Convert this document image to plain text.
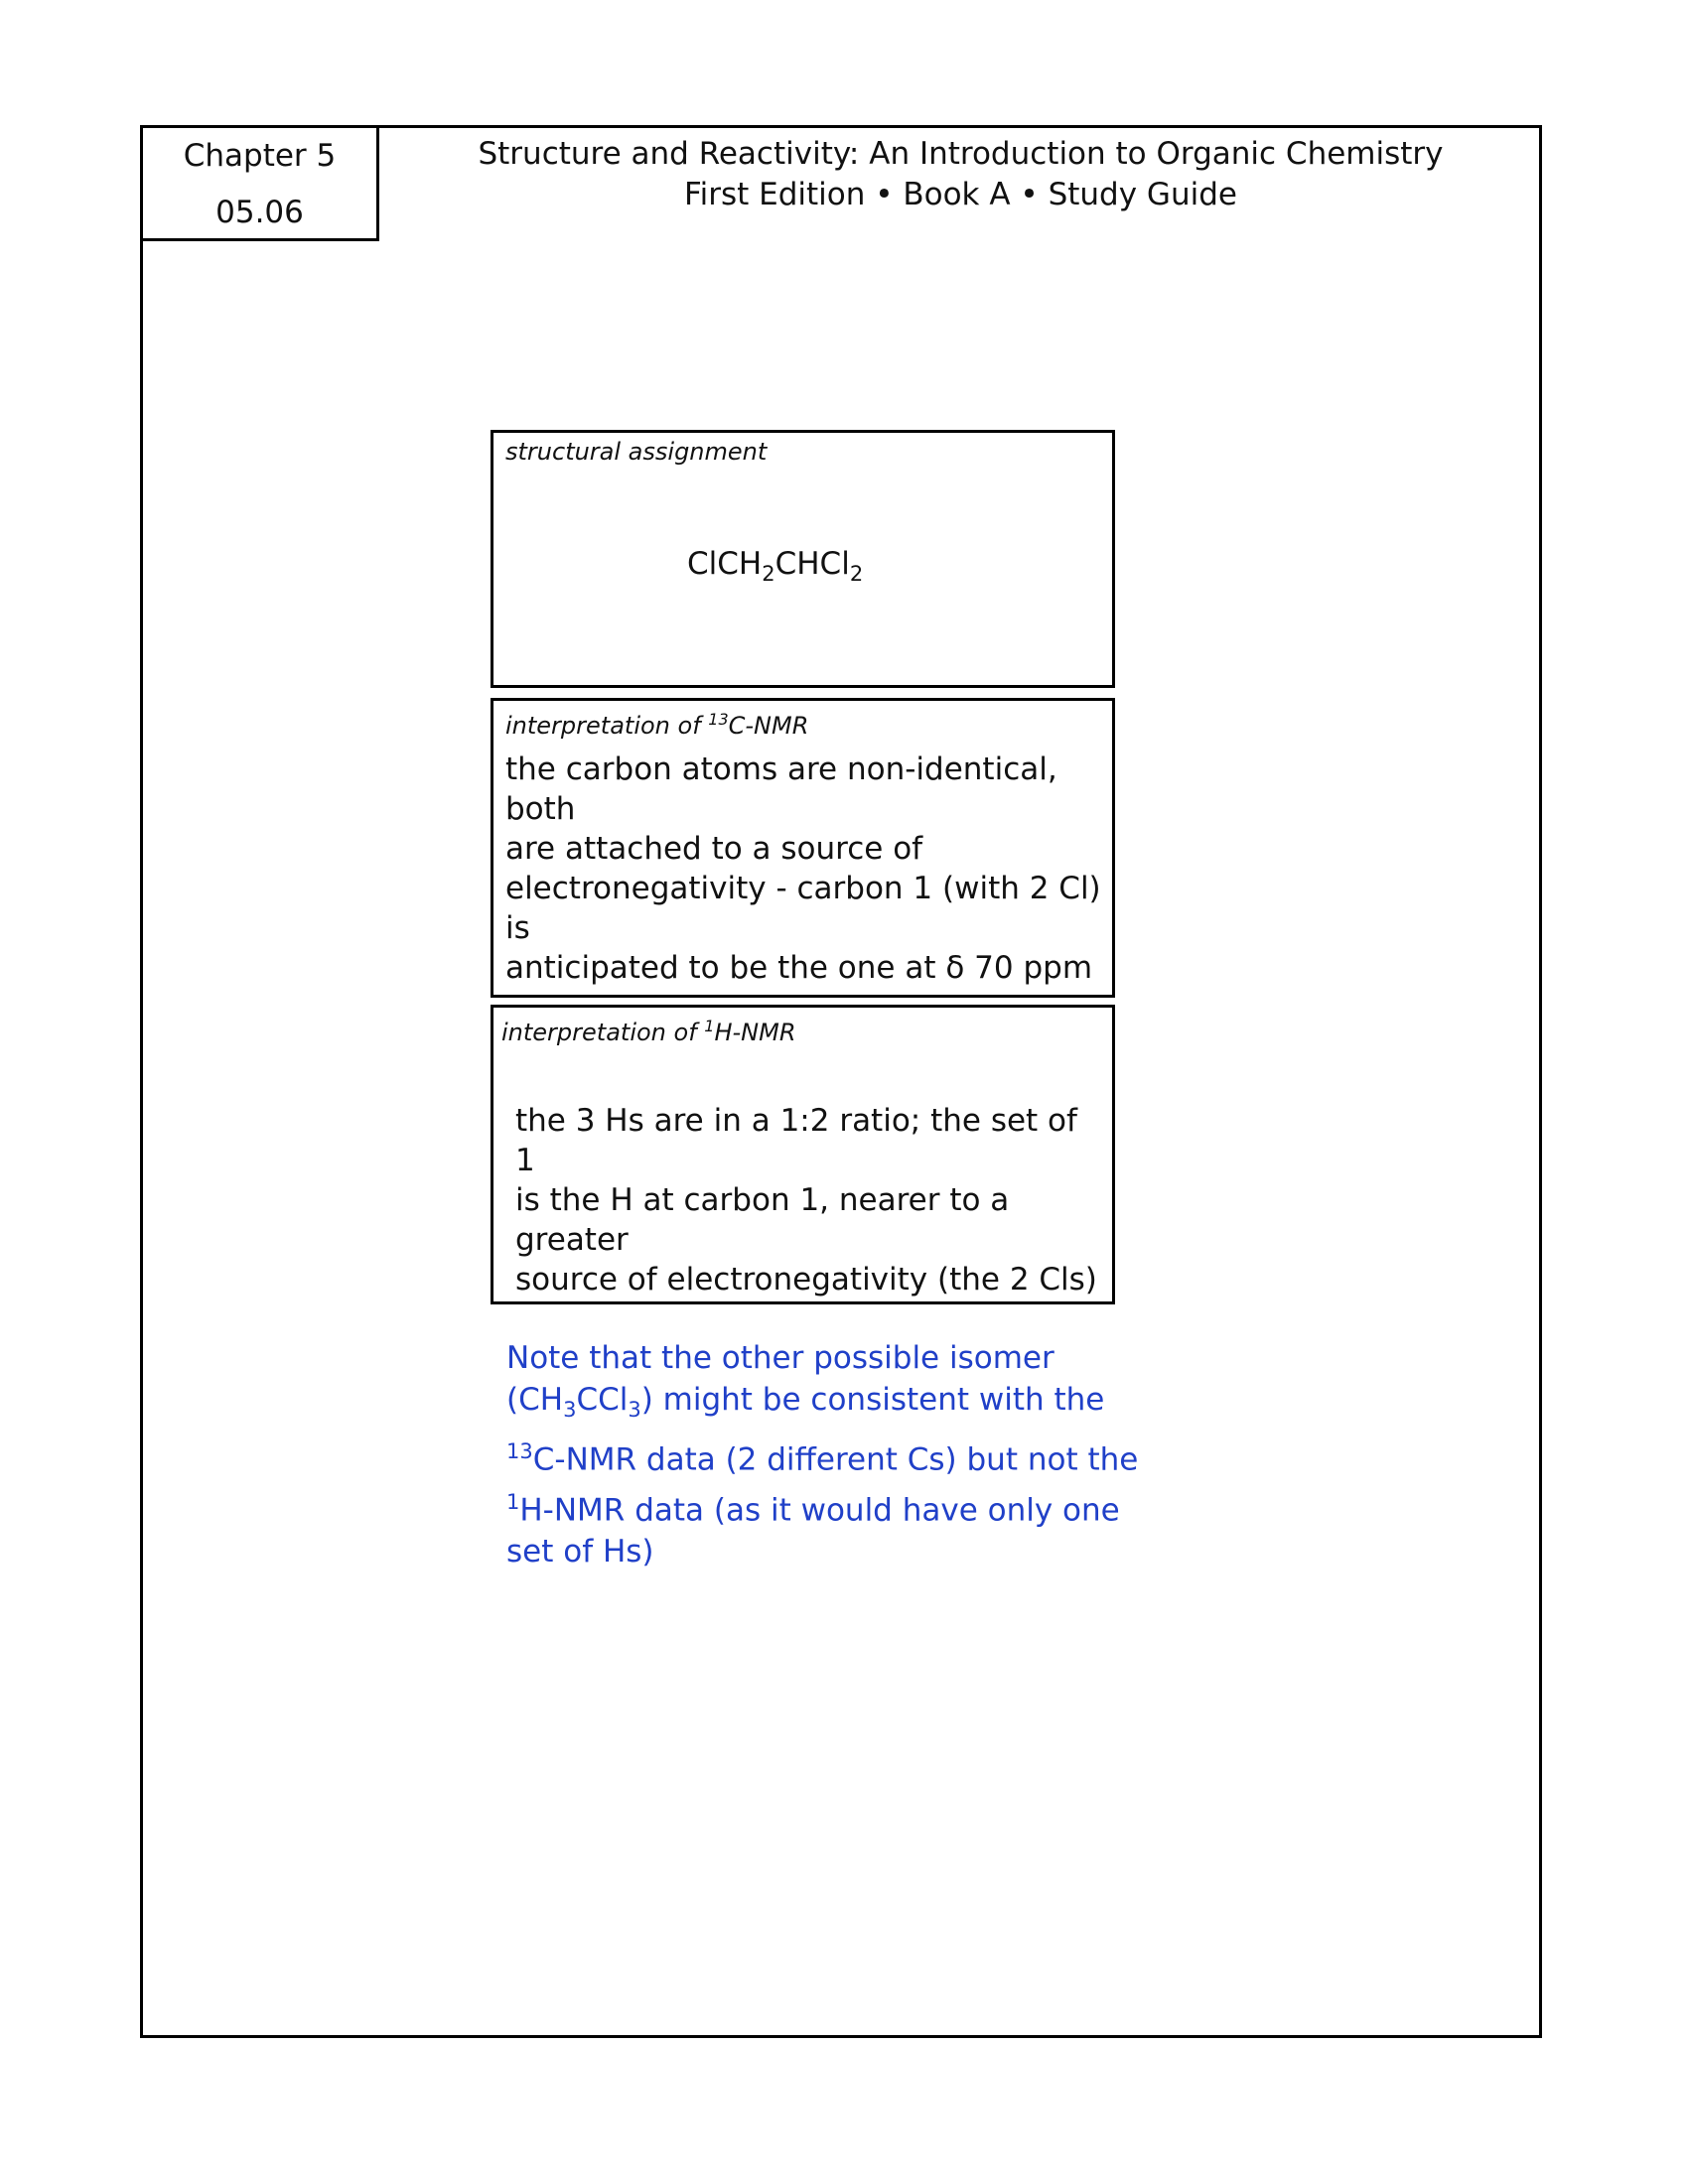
Chapter 5
05.06
Structure and Reactivity: An Introduction to Organic Chemistry
First Edition • Book A • Study Guide
structural assignment
ClCH$_2$CHCl$_2$
interpretation of $^{13}$C-NMR
the carbon atoms are non-identical, both
are attached to a source of
electronegativity - carbon 1 (with 2 Cl) is
anticipated to be the one at δ 70 ppm
interpretation of $^1$H-NMR
the 3 Hs are in a 1:2 ratio; the set of 1
is the H at carbon 1, nearer to a greater
source of electronegativity (the 2 Cls)
Note that the other possible isomer
$(CH_3CCl_3)$ might be consistent with the
$^{13}$C-NMR data (2 different Cs) but not the
$^1$H-NMR data (as it would have only one
set of Hs)
